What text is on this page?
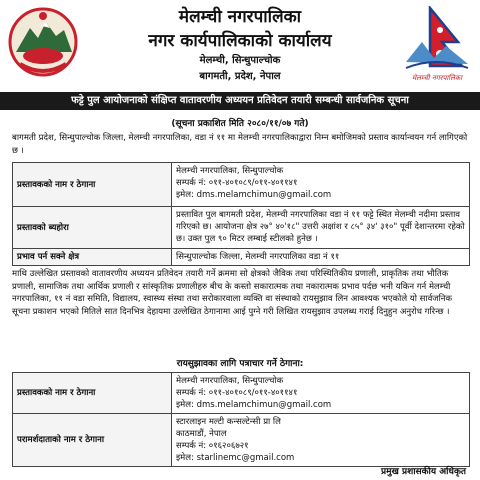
मेलम्ची नगरपालिका
नगर कार्यपालिकाको कार्यालय
मेलम्ची, सिन्धुपाल्चोक
बागमती, प्रदेश, नेपाल	मेलम्ची नगरपालिका
फट्टे पुल आयोजनाको संक्षिप्त वातावरणीय अध्ययन प्रतिवेदन तयारी सम्बन्धी सार्वजनिक सूचना
(सूचना प्रकाशित मिति २०८०/११/०७ गते)
बागमती प्रदेश, सिन्धुपाल्चोक जिल्ला, मेलम्ची नगरपालिका, वडा नं ११ मा मेलम्ची नगरपालिकाद्वारा निम्न बमोजिमको प्रस्ताव कार्यान्वयन गर्न लागिएको छ ।
प्रस्तावकको नाम र ठेगाना	मेलम्ची नगरपालिका, सिन्धुपाल्चोक
सम्पर्क नं: ०११-४०१०८९/०११-४०११४१
इमेल: dms.melamchimun@gmail.com

प्रस्तावको ब्यहोरा	प्रस्तावित पुल बागमती प्रदेश, मेलम्ची नगरपालिका वडा नं ११ फट्टे स्थित मेलम्ची नदीमा प्रस्ताव गरिएको छ। आयोजना क्षेत्र २७° ४०'१८" उत्तरी अक्षांश र ८५° ३४' ३१०" पूर्वी देशान्तरमा रहेको छ। उक्त पुल ९० मिटर लम्बाई स्टीलको हुनेछ ।
प्रभाव पर्न सक्ने क्षेत्र	सिन्धुपाल्चोक जिल्ला, मेलम्ची नगरपालिका वडा नं ११
माथि उल्लेखित प्रस्तावको वातावरणीय अध्ययन प्रतिवेदन तयारी गर्ने क्रममा सो क्षेत्रको जैविक तथा परिस्थितिकीय प्रणाली, प्राकृतिक तथा भौतिक प्रणाली, सामाजिक तथा आर्थिक प्रणाली र सांस्कृतिक प्रणालीहरु बीच के कस्तो सकारात्मक तथा नकारात्मक प्रभाव पर्दछ भनी यकिन गर्न मेलम्ची नगरपालिका, ११ नं वडा समिति, विद्यालय, स्वास्थ्य संस्था तथा सरोकारवाला व्यक्ति वा संस्थाको रायसुझाव लिन आवश्यक भएकोले यो सार्वजनिक सूचना प्रकाशन भएको मितिले सात दिनभित्र देहायमा उल्लेखित ठेगानामा आई पुग्ने गरी लिखित रायसुझाव उपलब्ध गराई दिनुहुन अनुरोध गरिन्छ ।
रायसुझावका लागि पत्राचार गर्ने ठेगाना:
प्रस्तावकको नाम र ठेगाना	मेलम्ची नगरपालिका, सिन्धुपाल्चोक
सम्पर्क नं: ०११-४०१०८९/०११-४०११४१
इमेल: dms.melamchimun@gmail.com

परामर्शदाताको नाम र ठेगाना	स्टारलाइन मल्टी कन्सल्टेन्सी प्रा लि
काठमाडौं, नेपाल
सम्पर्क नं: ०१६२०६७२१
इमेल: starlinemc@gmail.com
प्रमुख प्रशासकीय अधिकृत
